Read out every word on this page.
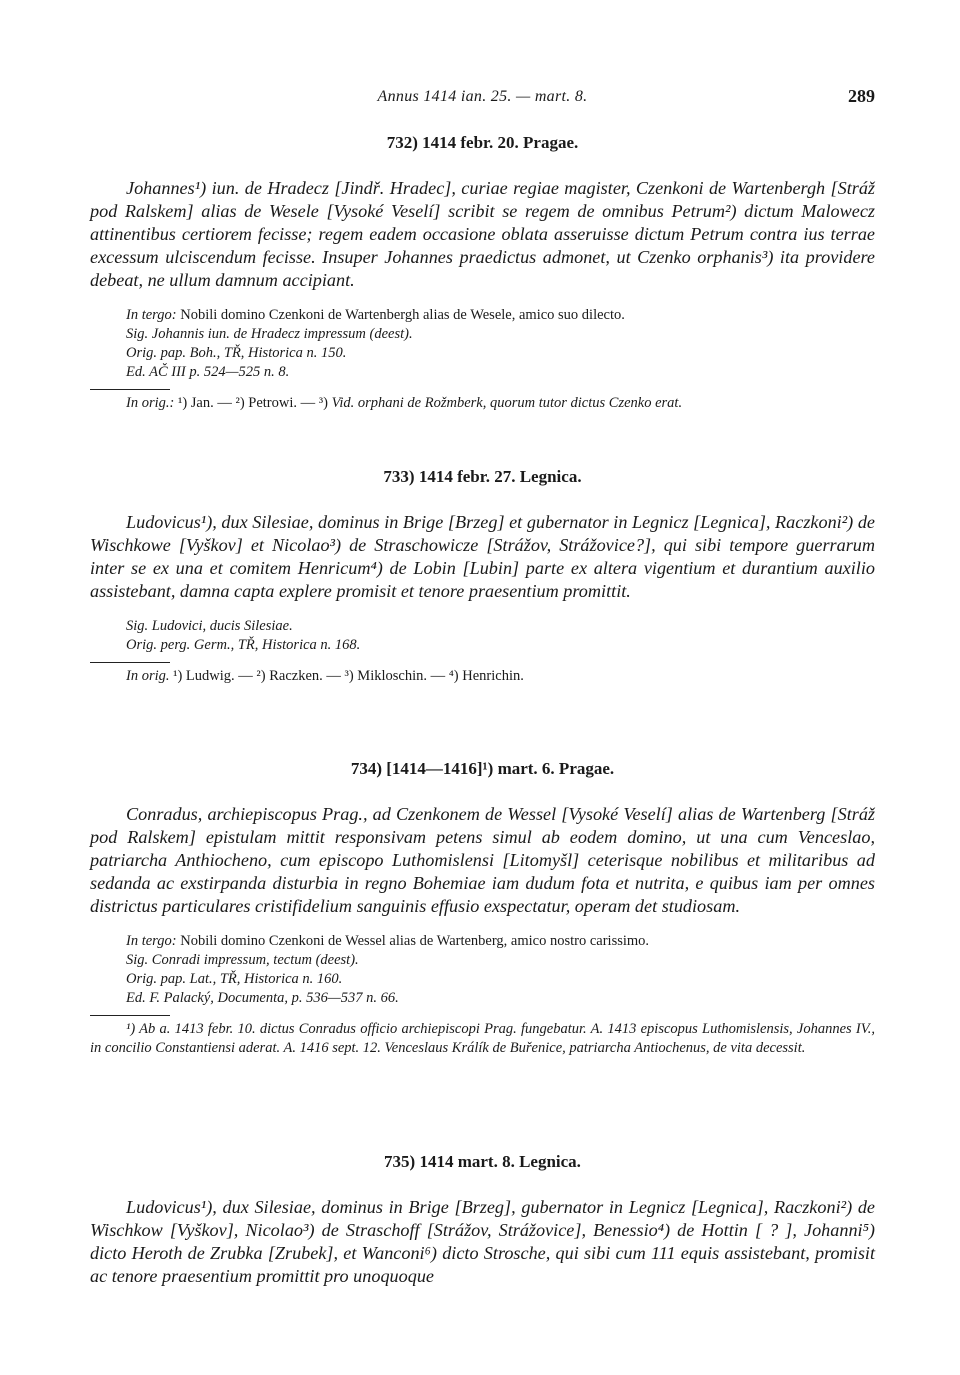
Annus 1414 ian. 25. — mart. 8.	289
732) 1414 febr. 20. Pragae.

Johannes¹) iun. de Hradecz [Jindř. Hradec], curiae regiae magister, Czenkoni de Wartenbergh [Stráž pod Ralskem] alias de Wesele [Vysoké Veselí] scribit se regem de omnibus Petrum²) dictum Malowecz attinentibus certiorem fecisse; regem eadem occasione oblata asseruisse dictum Petrum contra ius terrae excessum ulciscendum fecisse. Insuper Johannes praedictus admonet, ut Czenko orphanis³) ita providere debeat, ne ullum damnum accipiant.

In tergo: Nobili domino Czenkoni de Wartenbergh alias de Wesele, amico suo dilecto.
Sig. Johannis iun. de Hradecz impressum (deest).
Orig. pap. Boh., TŘ, Historica n. 150.
Ed. AČ III p. 524—525 n. 8.
In orig.: ¹) Jan. — ²) Petrowi. — ³) Vid. orphani de Rožmberk, quorum tutor dictus Czenko erat.
733) 1414 febr. 27. Legnica.

Ludovicus¹), dux Silesiae, dominus in Brige [Brzeg] et gubernator in Legnicz [Legnica], Raczkoni²) de Wischkowe [Vyškov] et Nicolao³) de Straschowicze [Strážov, Strážovice?], qui sibi tempore guerrarum inter se ex una et comitem Henricum⁴) de Lobin [Lubin] parte ex altera vigentium et durantium auxilio assistebant, damna capta explere promisit et tenore praesentium promittit.

Sig. Ludovici, ducis Silesiae.
Orig. perg. Germ., TŘ, Historica n. 168.
In orig. ¹) Ludwig. — ²) Raczken. — ³) Mikloschin. — ⁴) Henrichin.
734) [1414—1416]¹) mart. 6. Pragae.

Conradus, archiepiscopus Prag., ad Czenkonem de Wessel [Vysoké Veselí] alias de Wartenberg [Stráž pod Ralskem] epistulam mittit responsivam petens simul ab eodem domino, ut una cum Venceslao, patriarcha Anthiocheno, cum episcopo Luthomislensi [Litomyšl] ceterisque nobilibus et militaribus ad sedanda ac exstirpanda disturbia in regno Bohemiae iam dudum fota et nutrita, e quibus iam per omnes districtus particulares cristifidelium sanguinis effusio exspectatur, operam det studiosam.

In tergo: Nobili domino Czenkoni de Wessel alias de Wartenberg, amico nostro carissimo.
Sig. Conradi impressum, tectum (deest).
Orig. pap. Lat., TŘ, Historica n. 160.
Ed. F. Palacký, Documenta, p. 536—537 n. 66.

¹) Ab a. 1413 febr. 10. dictus Conradus officio archiepiscopi Prag. fungebatur. A. 1413 episcopus Luthomislensis, Johannes IV., in concilio Constantiensi aderat. A. 1416 sept. 12. Venceslaus Králík de Buřenice, patriarcha Antiochenus, de vita decessit.

735) 1414 mart. 8. Legnica.

Ludovicus¹), dux Silesiae, dominus in Brige [Brzeg], gubernator in Legnicz [Legnica], Raczkoni²) de Wischkow [Vyškov], Nicolao³) de Straschoff [Strážov, Strážovice], Benessio⁴) de Hottin [ ? ], Johanni⁵) dicto Heroth de Zrubka [Zrubek], et Wanconi⁶) dicto Strosche, qui sibi cum 111 equis assistebant, promisit ac tenore praesentium promittit pro unoquoque
